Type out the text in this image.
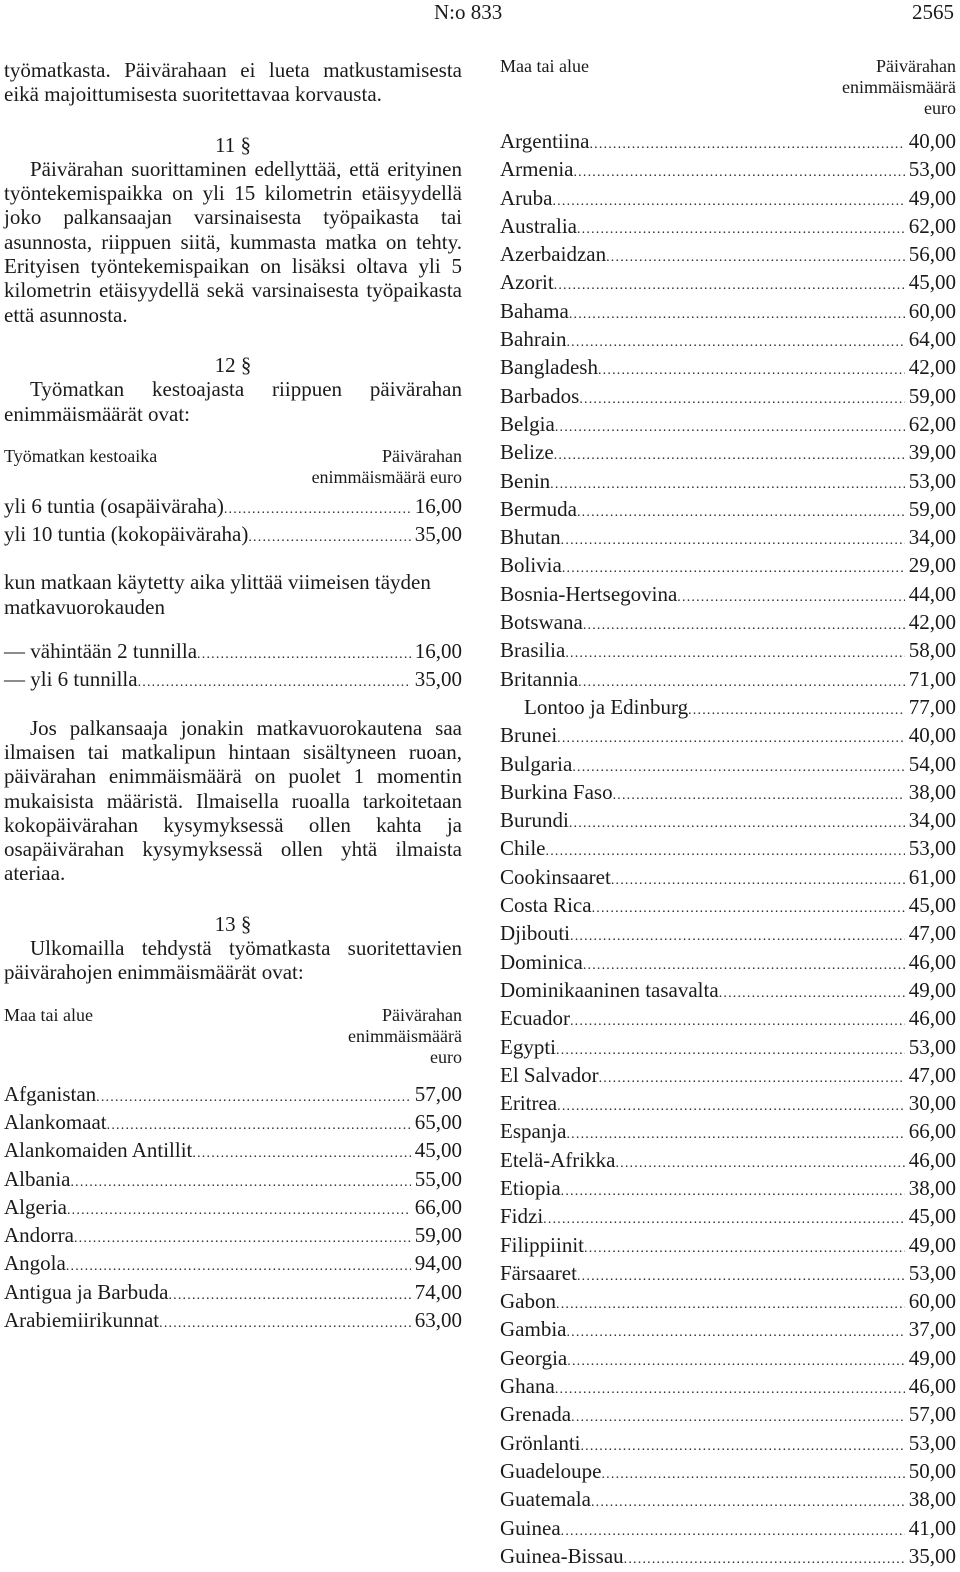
N:o 833	2565

työmatkasta. Päivärahaan ei lueta matkustamisesta eikä majoittumisesta suoritettavaa korvausta.

11 §

Päivärahan suorittaminen edellyttää, että erityinen työntekemispaikka on yli 15 kilometrin etäisyydellä joko palkansaajan varsinaisesta työpaikasta tai asunnosta, riippuen siitä, kummasta matka on tehty. Erityisen työntekemispaikan on lisäksi oltava yli 5 kilometrin etäisyydellä sekä varsinaisesta työpaikasta että asunnosta.

12 §

Työmatkan kestoajasta riippuen päivärahan enimmäismäärät ovat:

Työmatkan kestoaika	Päivärahan
enimmäismäärä euro
yli 6 tuntia (osapäiväraha) .....	16,00
yli 10 tuntia (kokopäiväraha) .....	35,00

kun matkaan käytetty aika ylittää viimeisen täyden matkavuorokauden

— vähintään 2 tunnilla .....	16,00
— yli 6 tunnilla .....	35,00

Jos palkansaaja jonakin matkavuorokautena saa ilmaisen tai matkalipun hintaan sisältyneen ruoan, päivärahan enimmäismäärä on puolet 1 momentin mukaisista määristä. Ilmaisella ruoalla tarkoitetaan kokopäivärahan kysymyksessä ollen kahta ja osapäivärahan kysymyksessä ollen yhtä ilmaista ateriaa.

13 §

Ulkomailla tehdystä työmatkasta suoritettavien päivärahojen enimmäismäärät ovat:

Maa tai alue	Päivärahan
enimmäismäärä
euro
Afganistan .....	57,00
Alankomaat .....	65,00
Alankomaiden Antillit .....	45,00
Albania .....	55,00
Algeria .....	66,00
Andorra .....	59,00
Angola .....	94,00
Antigua ja Barbuda .....	74,00
Arabiemiirikunnat .....	63,00
Maa tai alue	Päivärahan
enimmäismäärä
euro
Argentiina .....	40,00
Armenia .....	53,00
Aruba .....	49,00
Australia .....	62,00
Azerbaidzan .....	56,00
Azorit .....	45,00
Bahama .....	60,00
Bahrain .....	64,00
Bangladesh .....	42,00
Barbados .....	59,00
Belgia .....	62,00
Belize .....	39,00
Benin .....	53,00
Bermuda .....	59,00
Bhutan .....	34,00
Bolivia .....	29,00
Bosnia-Hertsegovina .....	44,00
Botswana .....	42,00
Brasilia .....	58,00
Britannia .....	71,00
Lontoo ja Edinburg .....	77,00
Brunei .....	40,00
Bulgaria .....	54,00
Burkina Faso .....	38,00
Burundi .....	34,00
Chile .....	53,00
Cookinsaaret .....	61,00
Costa Rica .....	45,00
Djibouti .....	47,00
Dominica .....	46,00
Dominikaaninen tasavalta .....	49,00
Ecuador .....	46,00
Egypti .....	53,00
El Salvador .....	47,00
Eritrea .....	30,00
Espanja .....	66,00
Etelä-Afrikka .....	46,00
Etiopia .....	38,00
Fidzi .....	45,00
Filippiinit .....	49,00
Färsaaret .....	53,00
Gabon .....	60,00
Gambia .....	37,00
Georgia .....	49,00
Ghana .....	46,00
Grenada .....	57,00
Grönlanti .....	53,00
Guadeloupe .....	50,00
Guatemala .....	38,00
Guinea .....	41,00
Guinea-Bissau .....	35,00
